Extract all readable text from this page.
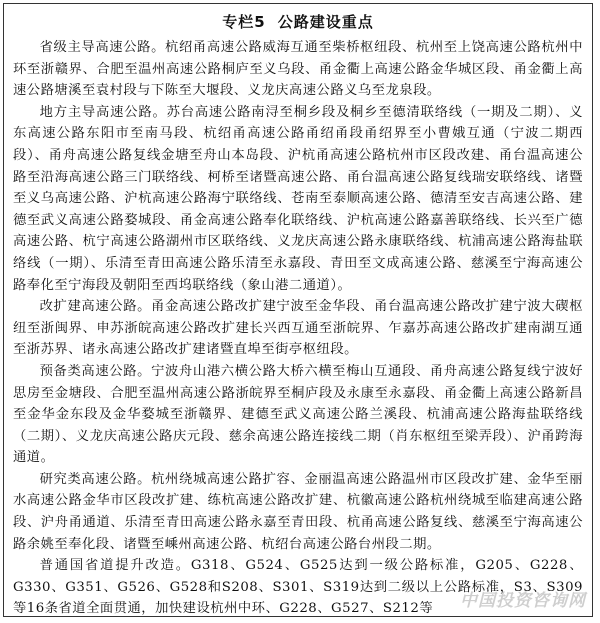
专栏5 公路建设重点

省级主导高速公路。杭绍甬高速公路威海互通至柴桥枢纽段、杭州至上饶高速公路杭州中环至浙赣界、合肥至温州高速公路桐庐至义乌段、甬金衢上高速公路金华城区段、甬金衢上高速公路塘溪至袁村段与下陈至大堰段、义龙庆高速公路义乌至龙泉段。

地方主导高速公路。苏台高速公路南浔至桐乡段及桐乡至德清联络线（一期及二期）、义东高速公路东阳市至南马段、杭绍甬高速公路甬绍甬段甬绍界至小曹娥互通（宁波二期西段）、甬舟高速公路复线金塘至舟山本岛段、沪杭甬高速公路杭州市区段改建、甬台温高速公路至沿海高速公路三门联络线、柯桥至诸暨高速公路、甬台温高速公路复线瑞安联络线、诸暨至义乌高速公路、沪杭高速公路海宁联络线、苍南至泰顺高速公路、德清至安吉高速公路、建德至武义高速公路婺城段、甬金高速公路奉化联络线、沪杭高速公路嘉善联络线、长兴至广德高速公路、杭宁高速公路湖州市区联络线、义龙庆高速公路永康联络线、杭浦高速公路海盐联络线（一期）、乐清至青田高速公路乐清至永嘉段、青田至文成高速公路、慈溪至宁海高速公路奉化至宁海段及朝阳至西坞联络线（象山港二通道）。

改扩建高速公路。甬金高速公路改扩建宁波至金华段、甬台温高速公路改扩建宁波大碶枢纽至浙闽界、申苏浙皖高速公路改扩建长兴西互通至浙皖界、乍嘉苏高速公路改扩建南湖互通至浙苏界、诸永高速公路改扩建诸暨直埠至街亭枢纽段。

预备类高速公路。宁波舟山港六横公路大桥六横至梅山互通段、甬舟高速公路复线宁波好思房至金塘段、合肥至温州高速公路浙皖界至桐庐段及永康至永嘉段、甬金衢上高速公路新昌至金华金东段及金华婺城至浙赣界、建德至武义高速公路兰溪段、杭浦高速公路海盐联络线（二期）、义龙庆高速公路庆元段、慈余高速公路连接线二期（肖东枢纽至梁弄段）、沪甬跨海通道。

研究类高速公路。杭州绕城高速公路扩容、金丽温高速公路温州市区段改扩建、金华至丽水高速公路金华市区段改扩建、练杭高速公路改扩建、杭徽高速公路杭州绕城至临建高速公路段、沪舟甬通道、乐清至青田高速公路永嘉至青田段、杭甬高速公路复线、慈溪至宁海高速公路余姚至奉化段、诸暨至嵊州高速公路、杭绍台高速公路台州段二期。

普通国省道提升改造。G318、G524、G525达到一级公路标准，G205、G228、G330、G351、G526、G528和S208、S301、S319达到二级以上公路标准，S3、S309等16条省道全面贯通，加快建设杭州中环、G228、G527、S212等	中国投资咨询网
